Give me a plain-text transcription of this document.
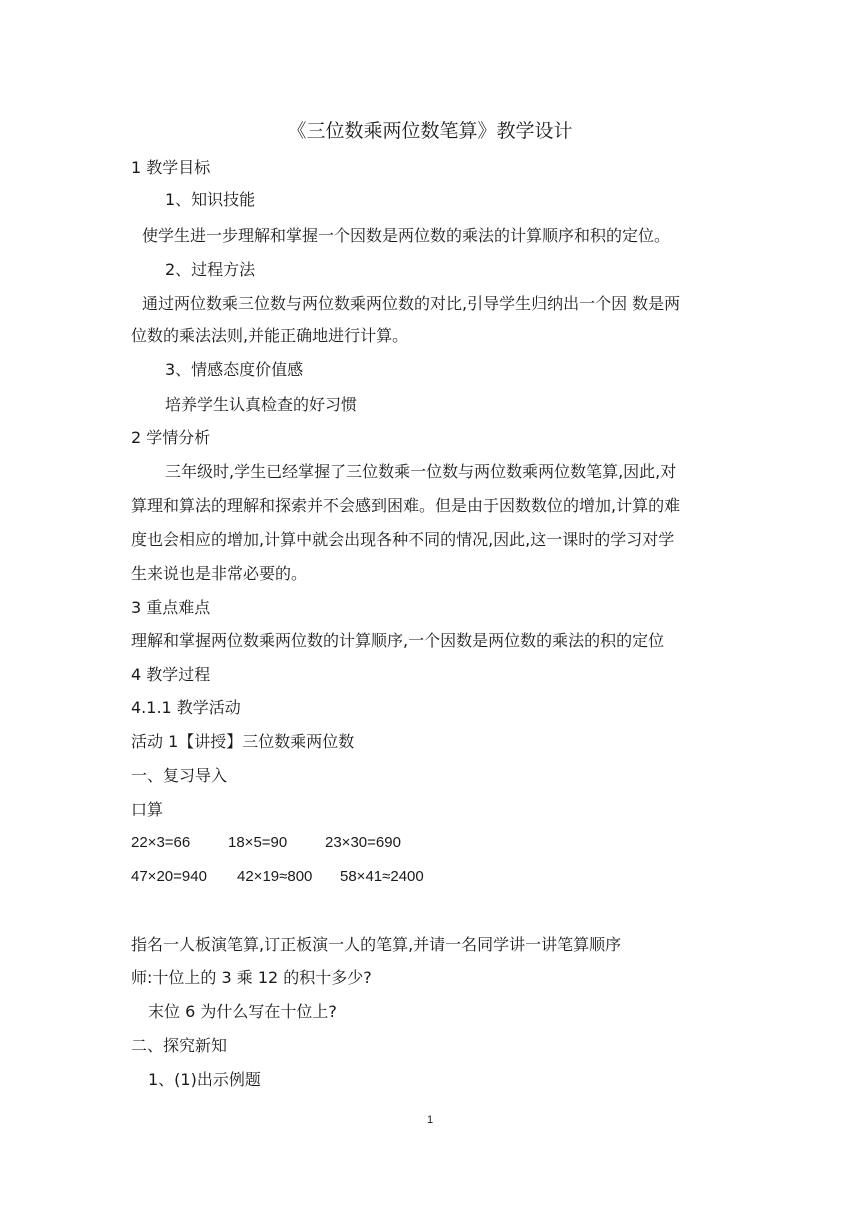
《三位数乘两位数笔算》教学设计
1 教学目标
1、知识技能
使学生进一步理解和掌握一个因数是两位数的乘法的计算顺序和积的定位。
2、过程方法
通过两位数乘三位数与两位数乘两位数的对比,引导学生归纳出一个因 数是两
位数的乘法法则,并能正确地进行计算。
3、情感态度价值感
培养学生认真检查的好习惯
2 学情分析
三年级时,学生已经掌握了三位数乘一位数与两位数乘两位数笔算,因此,对
算理和算法的理解和探索并不会感到困难。但是由于因数数位的增加,计算的难
度也会相应的增加,计算中就会出现各种不同的情况,因此,这一课时的学习对学
生来说也是非常必要的。
3 重点难点
理解和掌握两位数乘两位数的计算顺序,一个因数是两位数的乘法的积的定位
4 教学过程
4.1.1 教学活动
活动 1【讲授】三位数乘两位数
一、复习导入
口算
22×3=66	18×5=90	23×30=690
47×20=940 42×19≈800 58×41≈2400
指名一人板演笔算,订正板演一人的笔算,并请一名同学讲一讲笔算顺序
师:十位上的 3 乘 12 的积十多少?
末位 6 为什么写在十位上?
二、探究新知
1、(1)出示例题
1
